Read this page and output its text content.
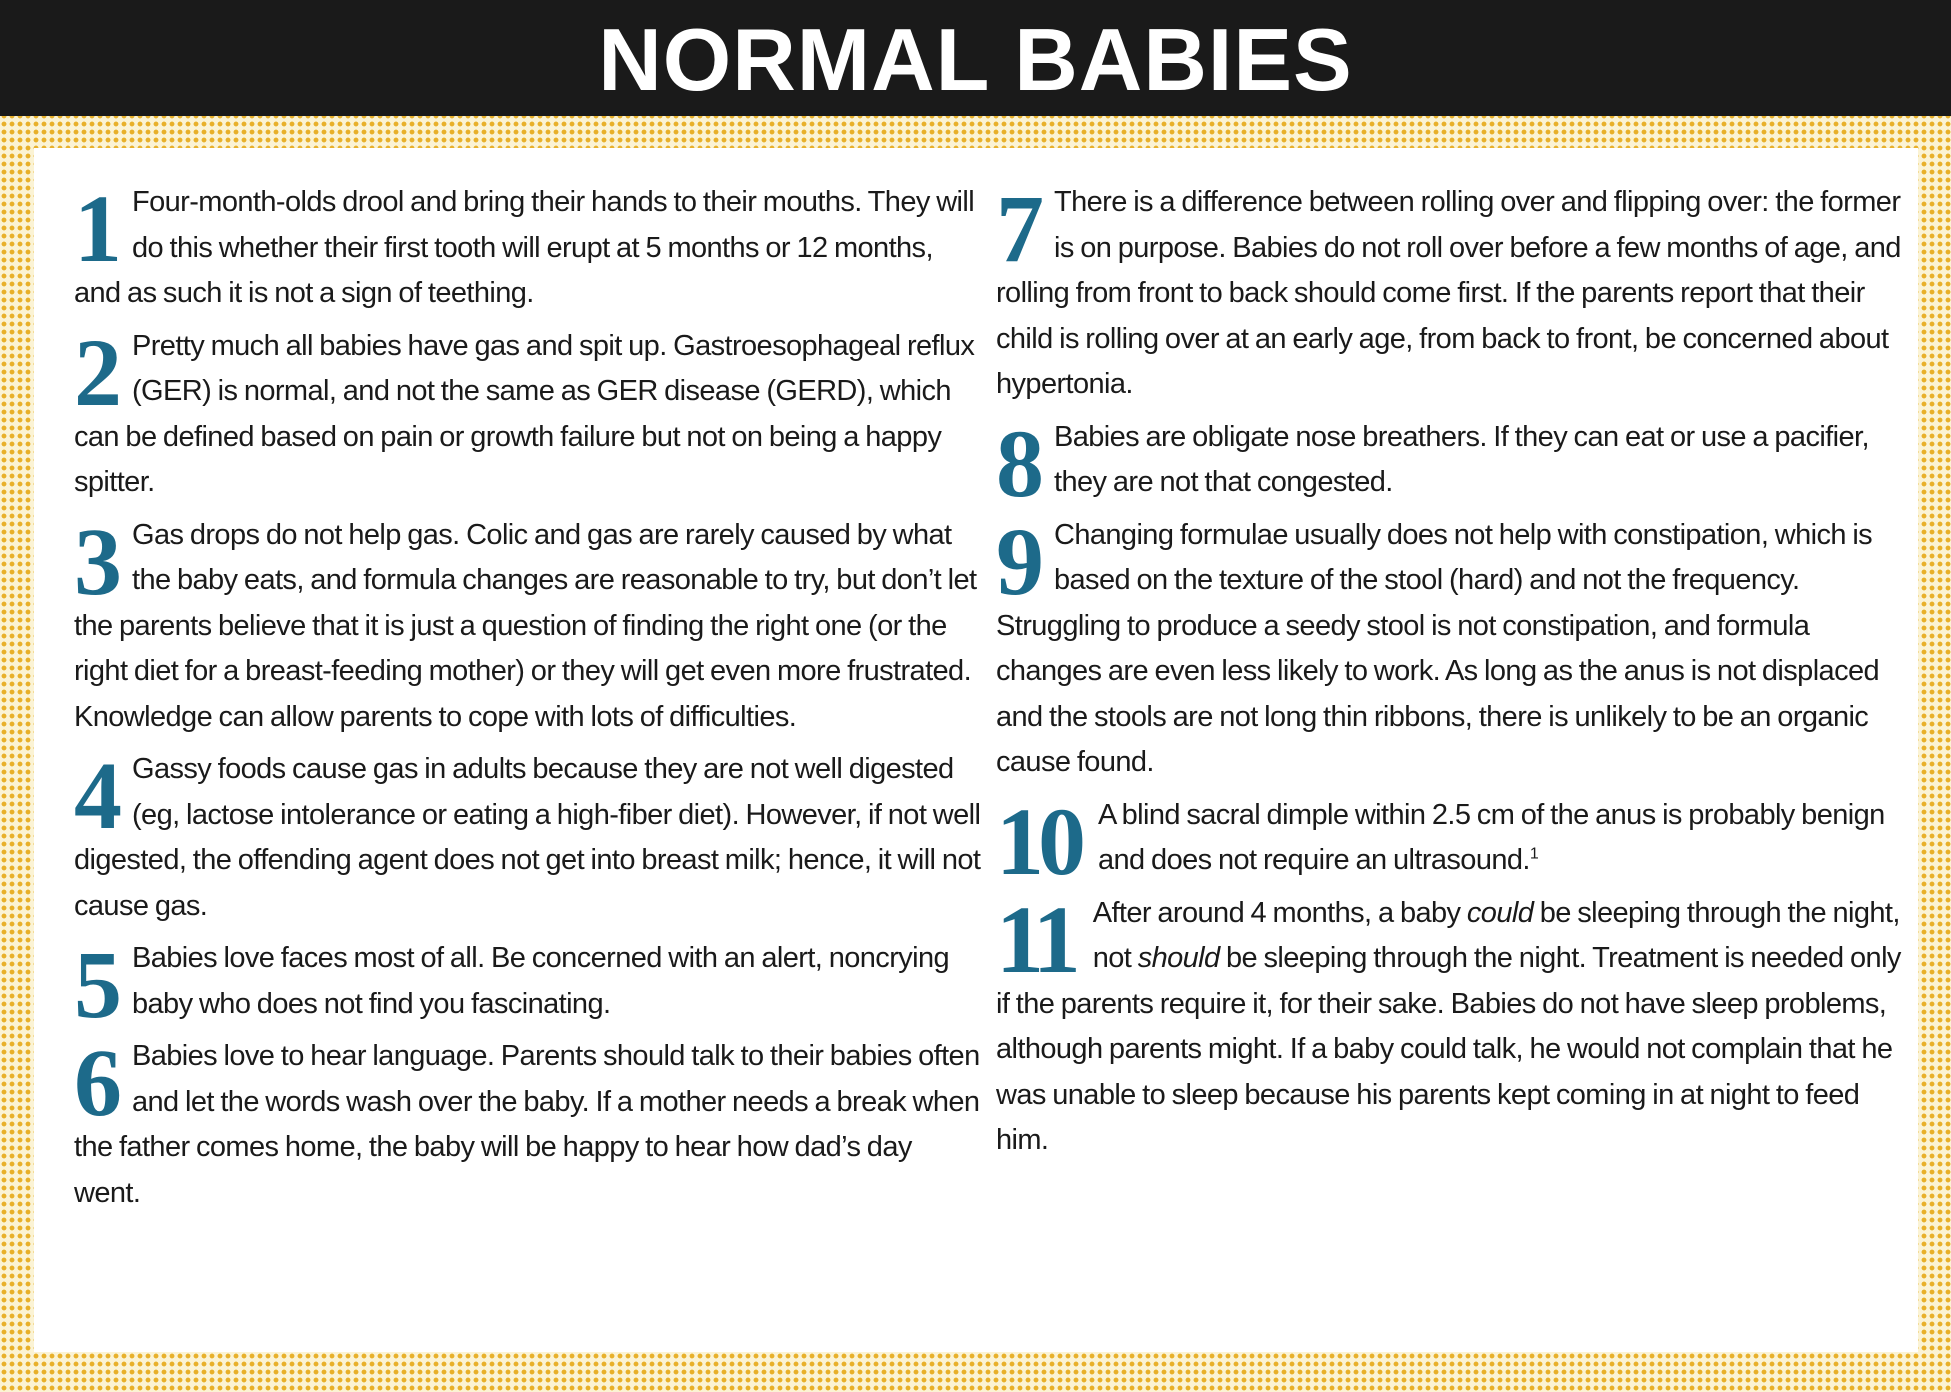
NORMAL BABIES
1 Four-month-olds drool and bring their hands to their mouths. They will do this whether their first tooth will erupt at 5 months or 12 months, and as such it is not a sign of teething.
2 Pretty much all babies have gas and spit up. Gastroesophageal reflux (GER) is normal, and not the same as GER disease (GERD), which can be defined based on pain or growth failure but not on being a happy spitter.
3 Gas drops do not help gas. Colic and gas are rarely caused by what the baby eats, and formula changes are reasonable to try, but don’t let the parents believe that it is just a question of finding the right one (or the right diet for a breast-feeding mother) or they will get even more frustrated. Knowledge can allow parents to cope with lots of difficulties.
4 Gassy foods cause gas in adults because they are not well digested (eg, lactose intolerance or eating a high-fiber diet). However, if not well digested, the offending agent does not get into breast milk; hence, it will not cause gas.
5 Babies love faces most of all. Be concerned with an alert, noncrying baby who does not find you fascinating.
6 Babies love to hear language. Parents should talk to their babies often and let the words wash over the baby. If a mother needs a break when the father comes home, the baby will be happy to hear how dad’s day went.
7 There is a difference between rolling over and flipping over: the former is on purpose. Babies do not roll over before a few months of age, and rolling from front to back should come first. If the parents report that their child is rolling over at an early age, from back to front, be concerned about hypertonia.
8 Babies are obligate nose breathers. If they can eat or use a pacifier, they are not that congested.
9 Changing formulae usually does not help with constipation, which is based on the texture of the stool (hard) and not the frequency. Struggling to produce a seedy stool is not constipation, and formula changes are even less likely to work. As long as the anus is not displaced and the stools are not long thin ribbons, there is unlikely to be an organic cause found.
10 A blind sacral dimple within 2.5 cm of the anus is probably benign and does not require an ultrasound.$^1$
11 After around 4 months, a baby could be sleeping through the night, not should be sleeping through the night. Treatment is needed only if the parents require it, for their sake. Babies do not have sleep problems, although parents might. If a baby could talk, he would not complain that he was unable to sleep because his parents kept coming in at night to feed him.
